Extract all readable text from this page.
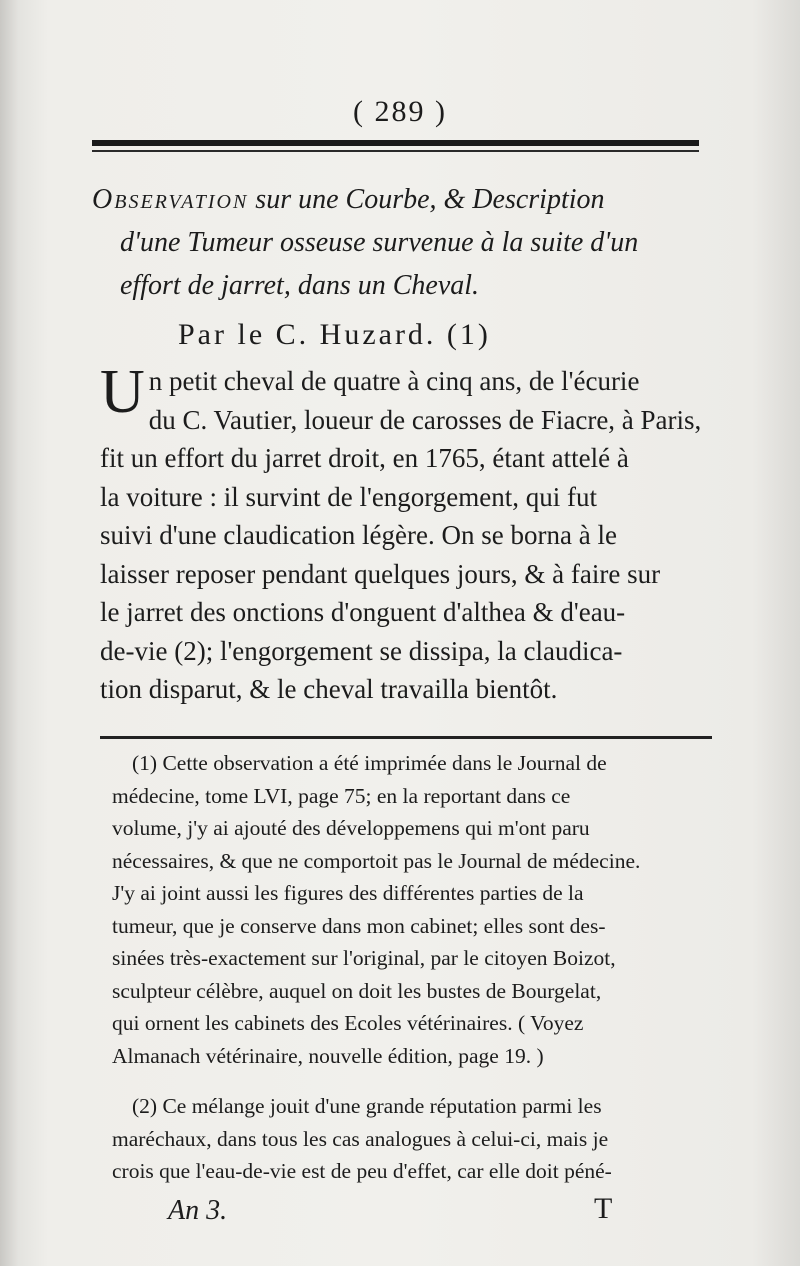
( 289 )
Observation sur une Courbe, & Description
d'une Tumeur osseuse survenue à la suite d'un
effort de jarret, dans un Cheval.
Par le C. Huzard. (1)
U n petit cheval de quatre à cinq ans, de l'écurie
du C. Vautier, loueur de carosses de Fiacre, à Paris,
fit un effort du jarret droit, en 1765, étant attelé à
la voiture : il survint de l'engorgement, qui fut
suivi d'une claudication légère. On se borna à le
laisser reposer pendant quelques jours, & à faire sur
le jarret des onctions d'onguent d'althea & d'eau-
de-vie (2); l'engorgement se dissipa, la claudica-
tion disparut, & le cheval travailla bientôt.
(1) Cette observation a été imprimée dans le Journal de
médecine, tome LVI, page 75; en la reportant dans ce
volume, j'y ai ajouté des développemens qui m'ont paru
nécessaires, & que ne comportoit pas le Journal de médecine.
J'y ai joint aussi les figures des différentes parties de la
tumeur, que je conserve dans mon cabinet; elles sont des-
sinées très-exactement sur l'original, par le citoyen Boizot,
sculpteur célèbre, auquel on doit les bustes de Bourgelat,
qui ornent les cabinets des Ecoles vétérinaires. ( Voyez
Almanach vétérinaire, nouvelle édition, page 19. )
(2) Ce mélange jouit d'une grande réputation parmi les
maréchaux, dans tous les cas analogues à celui-ci, mais je
crois que l'eau-de-vie est de peu d'effet, car elle doit péné-
An 3.	T
